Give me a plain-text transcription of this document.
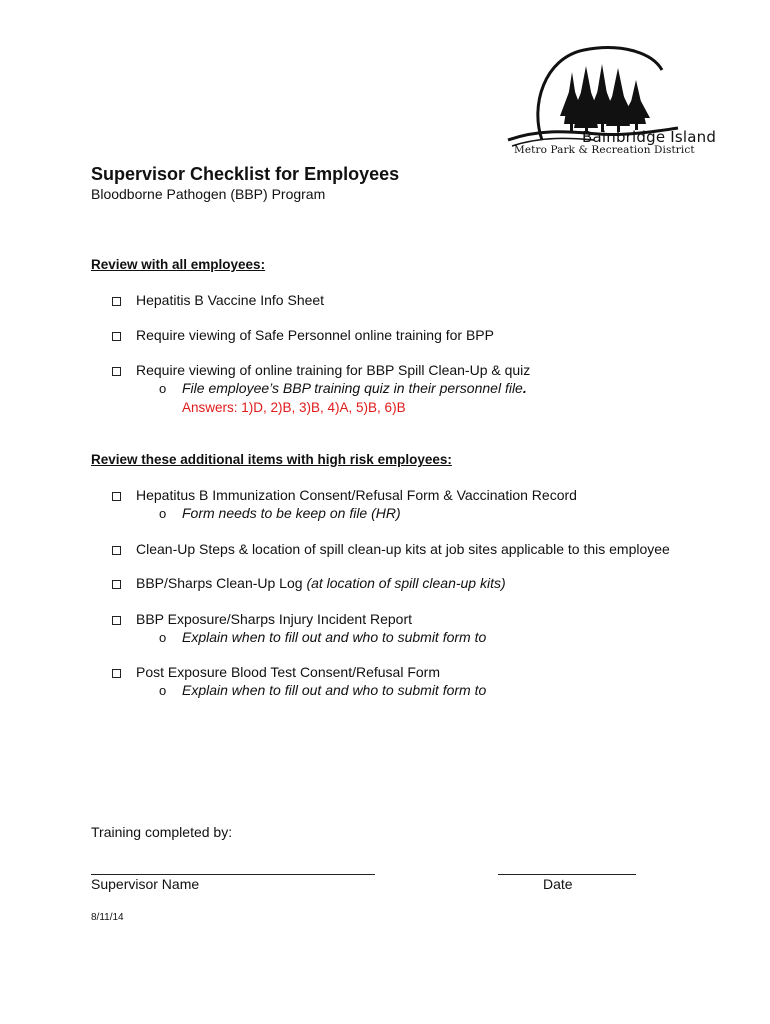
Bainbridge Island
Metro Park & Recreation District
Supervisor Checklist for Employees
Bloodborne Pathogen (BBP) Program
Review with all employees:
Hepatitis B Vaccine Info Sheet
Require viewing of Safe Personnel online training for BPP
Require viewing of online training for BBP Spill Clean-Up & quiz
o File employee’s BBP training quiz in their personnel file.
Answers: 1)D, 2)B, 3)B, 4)A, 5)B, 6)B
Review these additional items with high risk employees:
Hepatitus B Immunization Consent/Refusal Form & Vaccination Record
o Form needs to be keep on file (HR)
Clean-Up Steps & location of spill clean-up kits at job sites applicable to this employee
BBP/Sharps Clean-Up Log (at location of spill clean-up kits)
BBP Exposure/Sharps Injury Incident Report
o Explain when to fill out and who to submit form to
Post Exposure Blood Test Consent/Refusal Form
o Explain when to fill out and who to submit form to
Training completed by:
Supervisor Name	Date
8/11/14
